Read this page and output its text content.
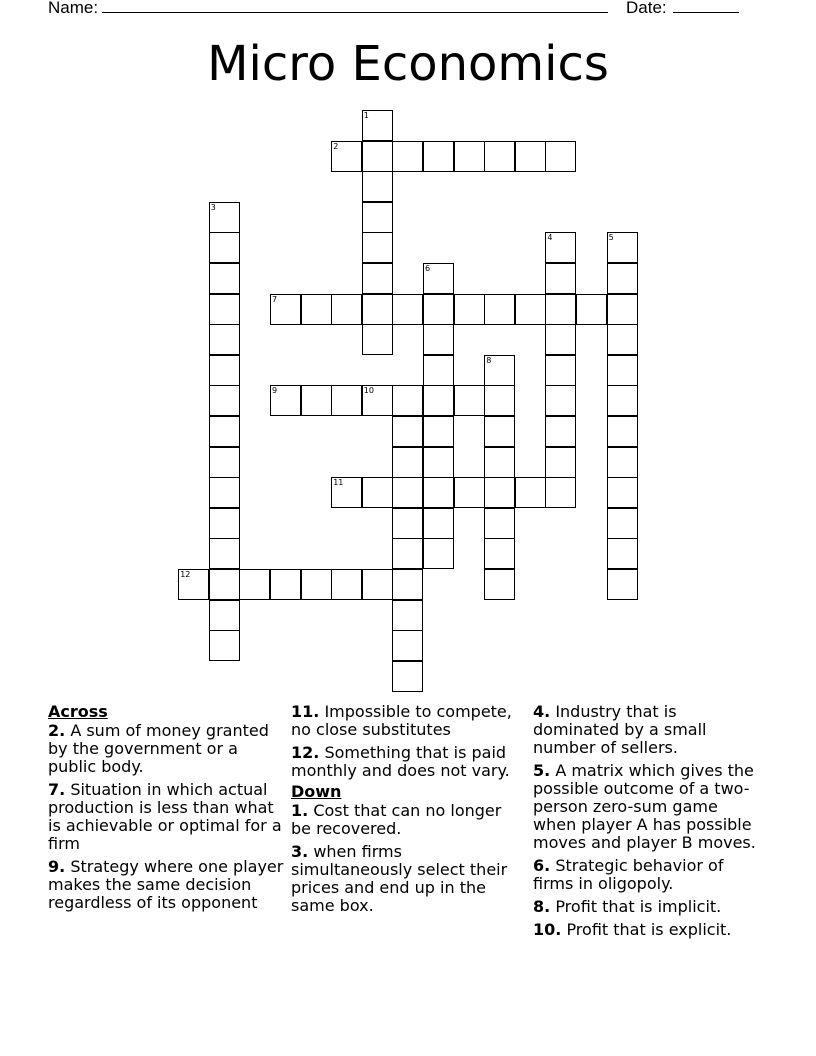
Name:	Date:
Micro Economics
1
2
3
4	5
6
7
8
9	10
11
12
Across
2. A sum of money granted by the government or a public body.
7. Situation in which actual production is less than what is achievable or optimal for a firm
9. Strategy where one player makes the same decision regardless of its opponent
11. Impossible to compete, no close substitutes
12. Something that is paid monthly and does not vary.
Down
1. Cost that can no longer be recovered.
3. when firms simultaneously select their prices and end up in the same box.
4. Industry that is dominated by a small number of sellers.
5. A matrix which gives the possible outcome of a two-person zero-sum game when player A has possible moves and player B moves.
6. Strategic behavior of firms in oligopoly.
8. Profit that is implicit.
10. Profit that is explicit.
